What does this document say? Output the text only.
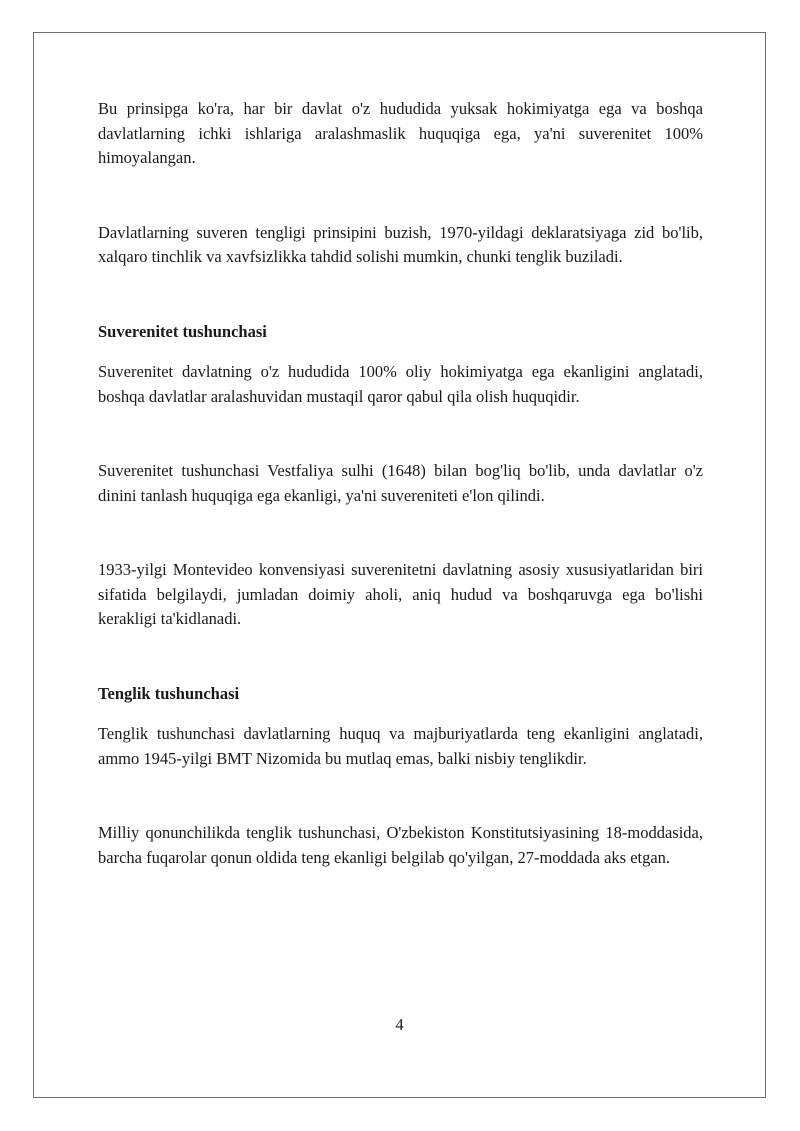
Bu prinsipga ko'ra, har bir davlat o'z hududida yuksak hokimiyatga ega va boshqa davlatlarning ichki ishlariga aralashmaslik huquqiga ega, ya'ni suverenitet 100% himoyalangan.

Davlatlarning suveren tengligi prinsipini buzish, 1970-yildagi deklaratsiyaga zid bo'lib, xalqaro tinchlik va xavfsizlikka tahdid solishi mumkin, chunki tenglik buziladi.

Suverenitet tushunchasi

Suverenitet davlatning o'z hududida 100% oliy hokimiyatga ega ekanligini anglatadi, boshqa davlatlar aralashuvidan mustaqil qaror qabul qila olish huquqidir.

Suverenitet tushunchasi Vestfaliya sulhi (1648) bilan bog'liq bo'lib, unda davlatlar o'z dinini tanlash huquqiga ega ekanligi, ya'ni suvereniteti e'lon qilindi.

1933-yilgi Montevideo konvensiyasi suverenitetni davlatning asosiy xususiyatlaridan biri sifatida belgilaydi, jumladan doimiy aholi, aniq hudud va boshqaruvga ega bo'lishi kerakligi ta'kidlanadi.

Tenglik tushunchasi

Tenglik tushunchasi davlatlarning huquq va majburiyatlarda teng ekanligini anglatadi, ammo 1945-yilgi BMT Nizomida bu mutlaq emas, balki nisbiy tenglikdir.

Milliy qonunchilikda tenglik tushunchasi, O'zbekiston Konstitutsiyasining 18-moddasida, barcha fuqarolar qonun oldida teng ekanligi belgilab qo'yilgan, 27-moddada aks etgan.

4
